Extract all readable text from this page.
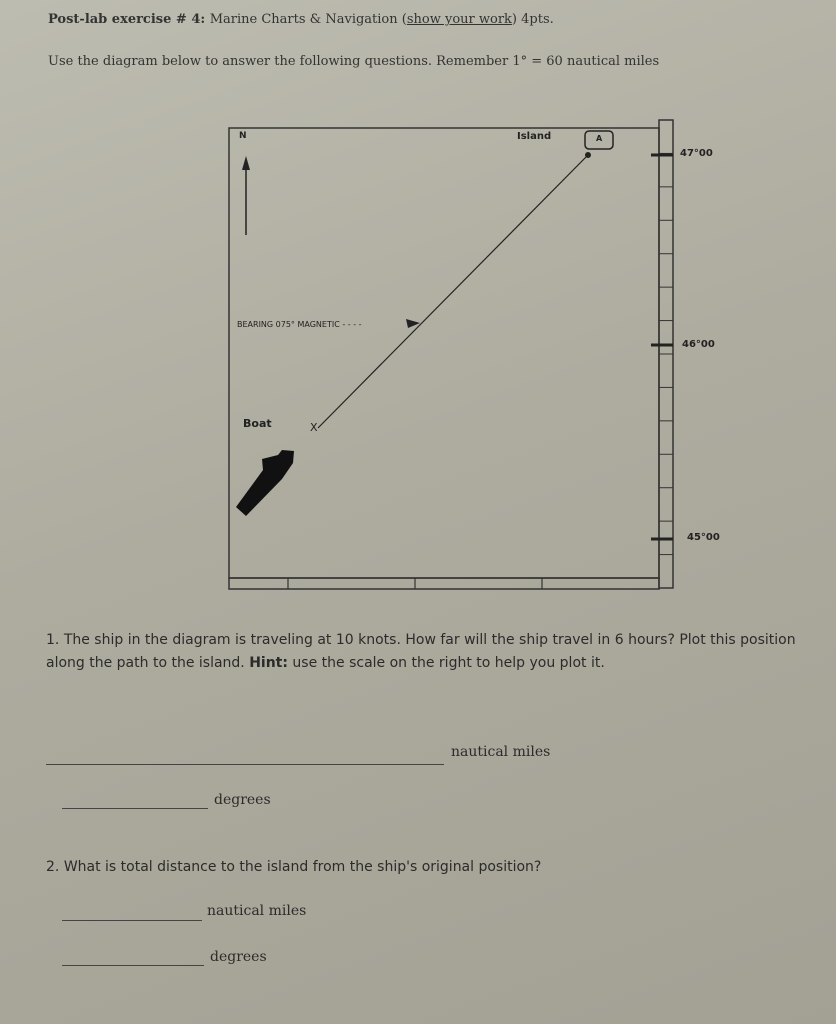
Post-lab exercise # 4: Marine Charts & Navigation (show your work) 4pts.
Use the diagram below to answer the following questions. Remember 1° = 60 nautical miles
N	Island	A
BEARING 075° MAGNETIC - - - -
Boat	X
47°00
46°00
45°00
1. The ship in the diagram is traveling at 10 knots. How far will the ship travel in 6 hours? Plot this position along the path to the island. Hint: use the scale on the right to help you plot it.
nautical miles
degrees
2. What is total distance to the island from the ship's original position?
nautical miles
degrees
